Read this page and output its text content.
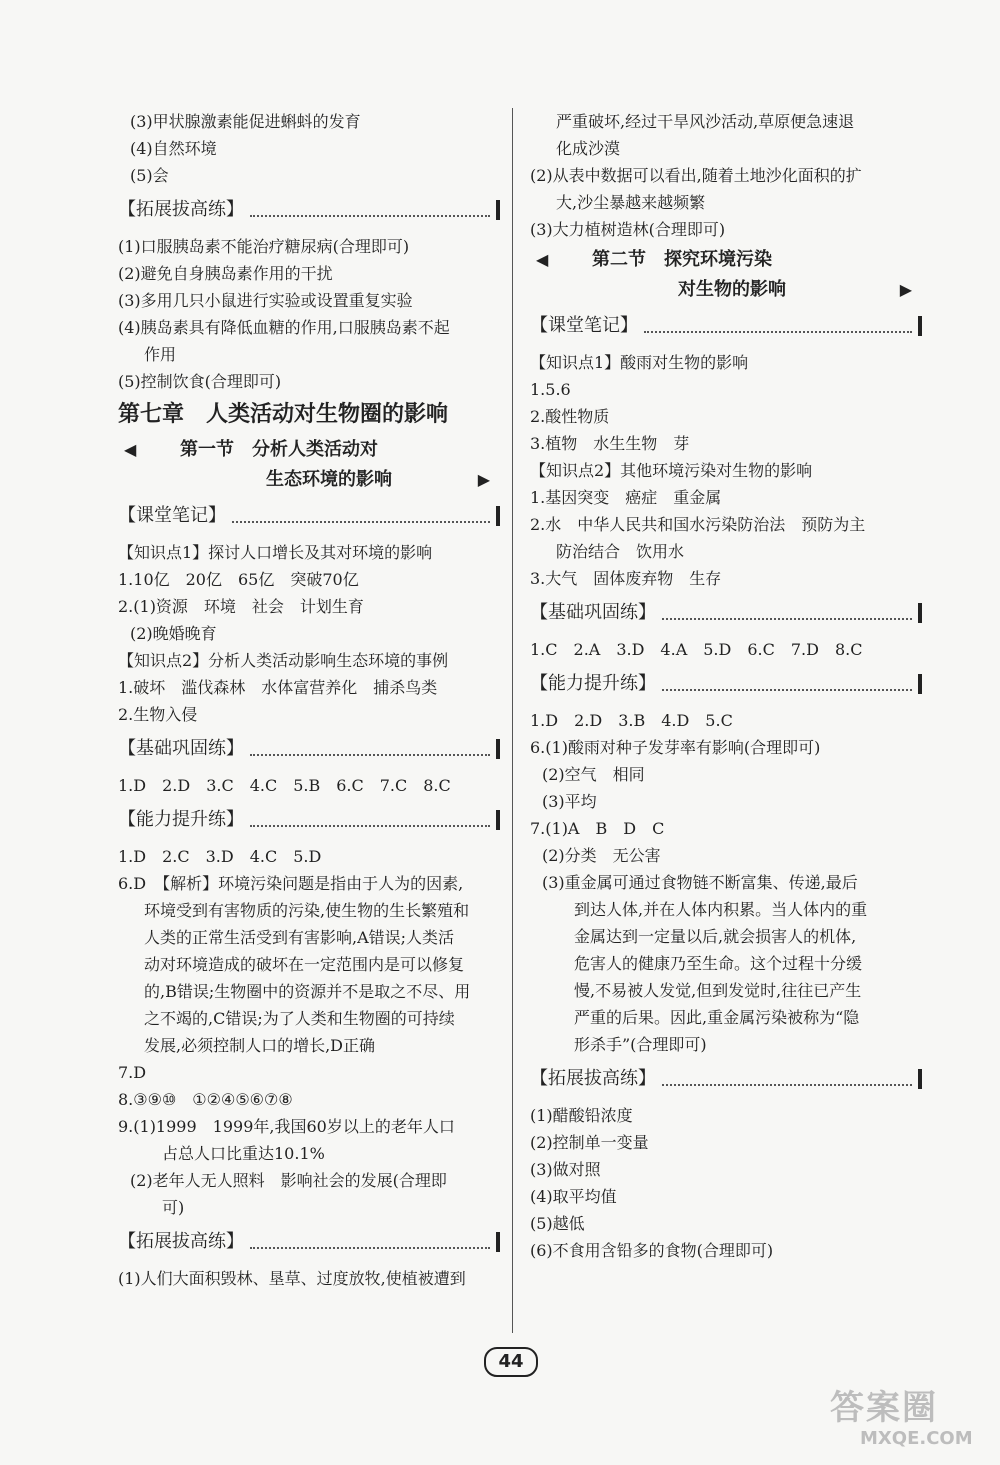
(3)甲状腺激素能促进蝌蚪的发育
(4)自然环境
(5)会
【拓展拔高练】
(1)口服胰岛素不能治疗糖尿病(合理即可)
(2)避免自身胰岛素作用的干扰
(3)多用几只小鼠进行实验或设置重复实验
(4)胰岛素具有降低血糖的作用,口服胰岛素不起
作用
(5)控制饮食(合理即可)
第七章　人类活动对生物圈的影响
◀ 第一节　分析人类活动对
生态环境的影响	▶
【课堂笔记】
【知识点1】探讨人口增长及其对环境的影响
1.10亿　20亿　65亿　突破70亿
2.(1)资源　环境　社会　计划生育
(2)晚婚晚育
【知识点2】分析人类活动影响生态环境的事例
1.破坏　滥伐森林　水体富营养化　捕杀鸟类
2.生物入侵
【基础巩固练】
1.D　2.D　3.C　4.C　5.B　6.C　7.C　8.C
【能力提升练】
1.D　2.C　3.D　4.C　5.D
6.D　【解析】环境污染问题是指由于人为的因素,
环境受到有害物质的污染,使生物的生长繁殖和
人类的正常生活受到有害影响,A错误;人类活
动对环境造成的破坏在一定范围内是可以修复
的,B错误;生物圈中的资源并不是取之不尽、用
之不竭的,C错误;为了人类和生物圈的可持续
发展,必须控制人口的增长,D正确
7.D
8.③⑨⑩　①②④⑤⑥⑦⑧
9.(1)1999　1999年,我国60岁以上的老年人口
占总人口比重达10.1%
(2)老年人无人照料　影响社会的发展(合理即
可)
【拓展拔高练】
(1)人们大面积毁林、垦草、过度放牧,使植被遭到
严重破坏,经过干旱风沙活动,草原便急速退
化成沙漠
(2)从表中数据可以看出,随着土地沙化面积的扩
大,沙尘暴越来越频繁
(3)大力植树造林(合理即可)
◀ 第二节　探究环境污染
对生物的影响	▶
【课堂笔记】
【知识点1】酸雨对生物的影响
1.5.6
2.酸性物质
3.植物　水生生物　芽
【知识点2】其他环境污染对生物的影响
1.基因突变　癌症　重金属
2.水　中华人民共和国水污染防治法　预防为主
防治结合　饮用水
3.大气　固体废弃物　生存
【基础巩固练】
1.C　2.A　3.D　4.A　5.D　6.C　7.D　8.C
【能力提升练】
1.D　2.D　3.B　4.D　5.C
6.(1)酸雨对种子发芽率有影响(合理即可)
(2)空气　相同
(3)平均
7.(1)A　B　D　C
(2)分类　无公害
(3)重金属可通过食物链不断富集、传递,最后
到达人体,并在人体内积累。当人体内的重
金属达到一定量以后,就会损害人的机体,
危害人的健康乃至生命。这个过程十分缓
慢,不易被人发觉,但到发觉时,往往已产生
严重的后果。因此,重金属污染被称为“隐
形杀手”(合理即可)
【拓展拔高练】
(1)醋酸铅浓度
(2)控制单一变量
(3)做对照
(4)取平均值
(5)越低
(6)不食用含铅多的食物(合理即可)
44
答案圈
MXQE.COM
